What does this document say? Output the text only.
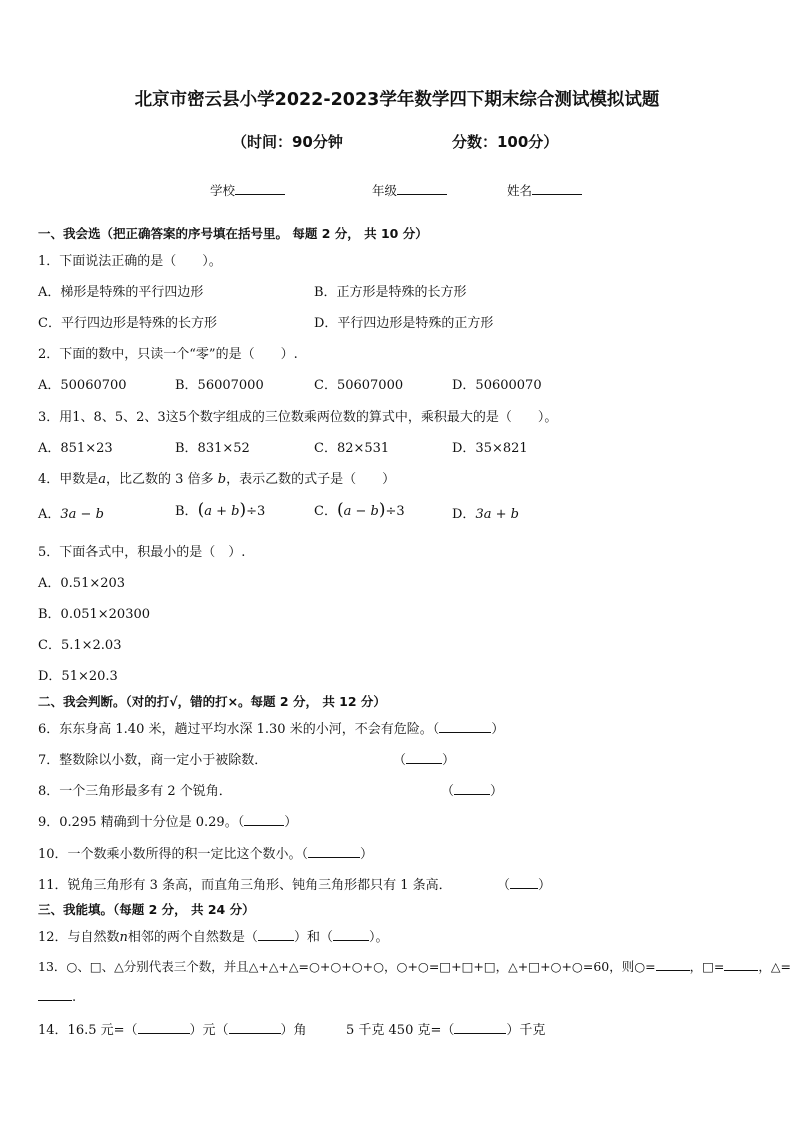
北京市密云县小学2022-2023学年数学四下期末综合测试模拟试题
（时间：90分钟	分数：100分）
学校	年级	姓名
一、我会选（把正确答案的序号填在括号里。 每题 2 分， 共 10 分）
1．下面说法正确的是（　　）。
A．梯形是特殊的平行四边形	B．正方形是特殊的长方形
C．平行四边形是特殊的长方形	D．平行四边形是特殊的正方形
2．下面的数中，只读一个“零”的是（　　）.
A．50060700	B．56007000	C．50607000	D．50600070
3．用1、8、5、2、3这5个数字组成的三位数乘两位数的算式中，乘积最大的是（　　）。
A．851×23	B．831×52	C．82×531	D．35×821
4．甲数是a，比乙数的 3 倍多 b，表示乙数的式子是（　　）
A．3a − b	B．(a + b)÷3	C．(a − b)÷3	D．3a + b
5．下面各式中，积最小的是（　）.
A．0.51×203
B．0.051×20300
C．5.1×2.03
D．51×20.3
二、我会判断。（对的打√，错的打×。每题 2 分， 共 12 分）
6．东东身高 1.40 米，趟过平均水深 1.30 米的小河，不会有危险。（	）
7．整数除以小数，商一定小于被除数．	（	）
8．一个三角形最多有 2 个锐角．	（	）
9．0.295 精确到十分位是 0.29。（	）
10．一个数乘小数所得的积一定比这个数小。（	）
11．锐角三角形有 3 条高，而直角三角形、钝角三角形都只有 1 条高．	（ ）
三、我能填。（每题 2 分， 共 24 分）
12．与自然数n相邻的两个自然数是（	）和（	）。
13．○、□、△分别代表三个数，并且△+△+△=○+○+○+○，○+○=□+□+□，△+□+○+○=60，则○=	，□=	，△=
.
14．16.5 元=（	）元（	）角	5 千克 450 克=（	）千克
